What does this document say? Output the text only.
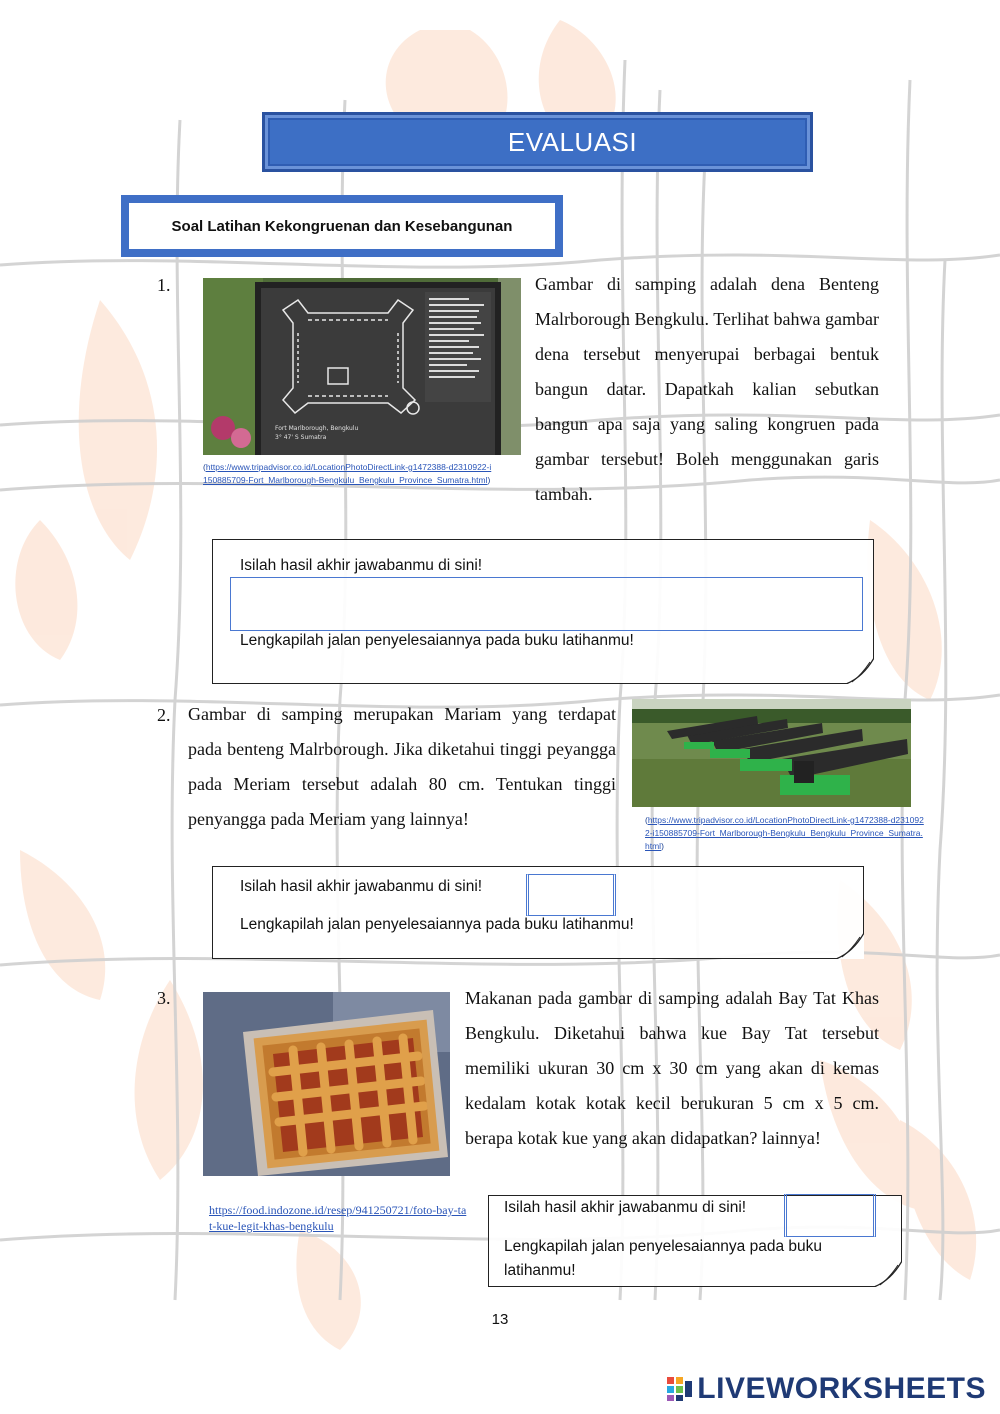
EVALUASI
Soal Latihan Kekongruenan dan Kesebangunan
1.
Fort Marlborough, Bengkulu
3° 47' S Sumatra
(https://www.tripadvisor.co.id/LocationPhotoDirectLink-g1472388-d2310922-i150885709-Fort_Marlborough-Bengkulu_Bengkulu_Province_Sumatra.html)
Gambar di samping adalah dena Benteng Malrborough Bengkulu. Terlihat bahwa gambar dena tersebut menyerupai berbagai bentuk bangun datar. Dapatkah kalian sebutkan bangun apa saja yang saling kongruen pada gambar tersebut! Boleh menggunakan garis tambah.
Isilah hasil akhir jawabanmu di sini!
Lengkapilah jalan penyelesaiannya pada buku latihanmu!
2. Gambar di samping merupakan Mariam yang terdapat pada benteng Malrborough. Jika diketahui tinggi peyangga pada Meriam tersebut adalah 80 cm. Tentukan tinggi penyangga pada Meriam yang lainnya!	(https://www.tripadvisor.co.id/LocationPhotoDirectLink-g1472388-d2310922-i150885709-Fort_Marlborough-Bengkulu_Bengkulu_Province_Sumatra.html)
Isilah hasil akhir jawabanmu di sini!
Lengkapilah jalan penyelesaiannya pada buku latihanmu!
3.
https://food.indozone.id/resep/941250721/foto-bay-tat-kue-legit-khas-bengkulu
Makanan pada gambar di samping adalah Bay Tat Khas Bengkulu. Diketahui bahwa kue Bay Tat tersebut memiliki ukuran 30 cm x 30 cm yang akan di kemas kedalam kotak kotak kecil berukuran 5 cm x 5 cm. berapa kotak kue yang akan didapatkan? lainnya!
Isilah hasil akhir jawabanmu di sini!
Lengkapilah jalan penyelesaiannya pada buku latihanmu!
13
LIVEWORKSHEETS
